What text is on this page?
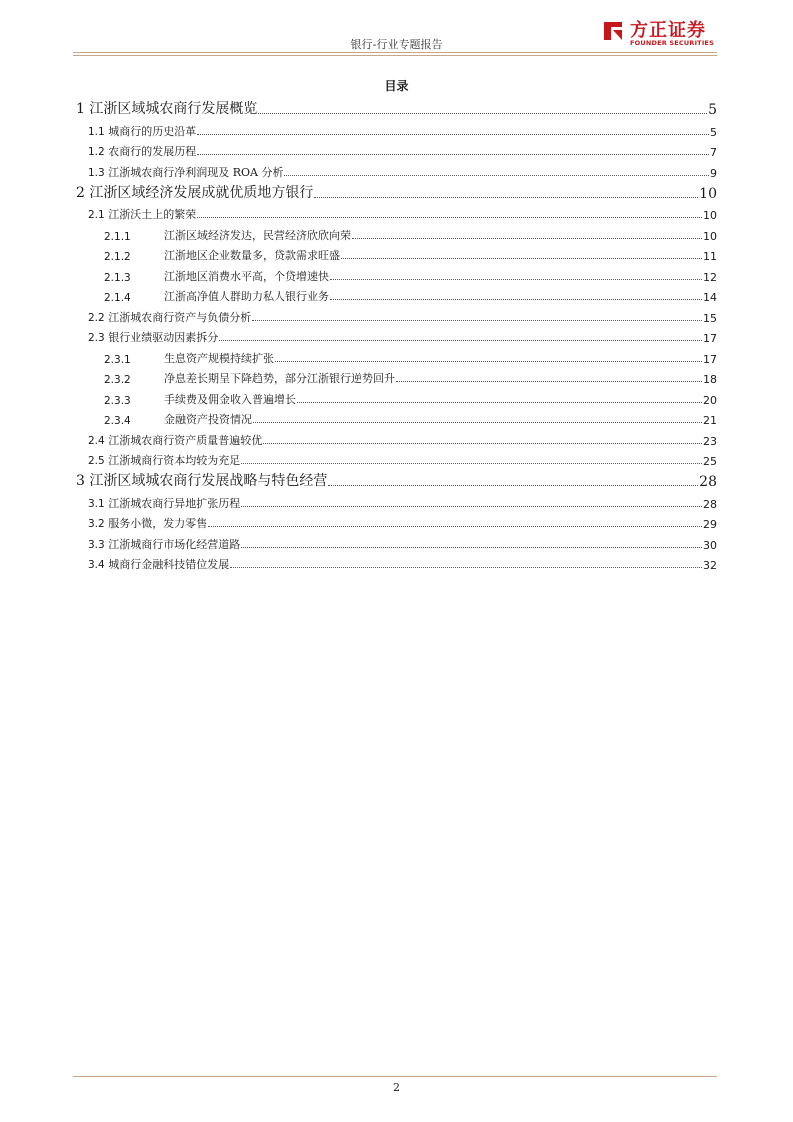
银行-行业专题报告
方正证券
FOUNDER SECURITIES
目录
1 江浙区域城农商行发展概览	5
1.1 城商行的历史沿革	5
1.2 农商行的发展历程	7
1.3 江浙城农商行净利润现及 ROA 分析	9
2 江浙区域经济发展成就优质地方银行	10
2.1 江浙沃土上的繁荣	10
2.1.1	江浙区域经济发达，民营经济欣欣向荣	10
2.1.2	江浙地区企业数量多，贷款需求旺盛	11
2.1.3	江浙地区消费水平高，个贷增速快	12
2.1.4	江浙高净值人群助力私人银行业务	14
2.2 江浙城农商行资产与负债分析	15
2.3 银行业绩驱动因素拆分	17
2.3.1	生息资产规模持续扩张	17
2.3.2	净息差长期呈下降趋势，部分江浙银行逆势回升	18
2.3.3	手续费及佣金收入普遍增长	20
2.3.4	金融资产投资情况	21
2.4 江浙城农商行资产质量普遍较优	23
2.5 江浙城商行资本均较为充足	25
3 江浙区域城农商行发展战略与特色经营	28
3.1 江浙城农商行异地扩张历程	28
3.2 服务小微，发力零售	29
3.3 江浙城商行市场化经营道路	30
3.4 城商行金融科技错位发展	32
2
